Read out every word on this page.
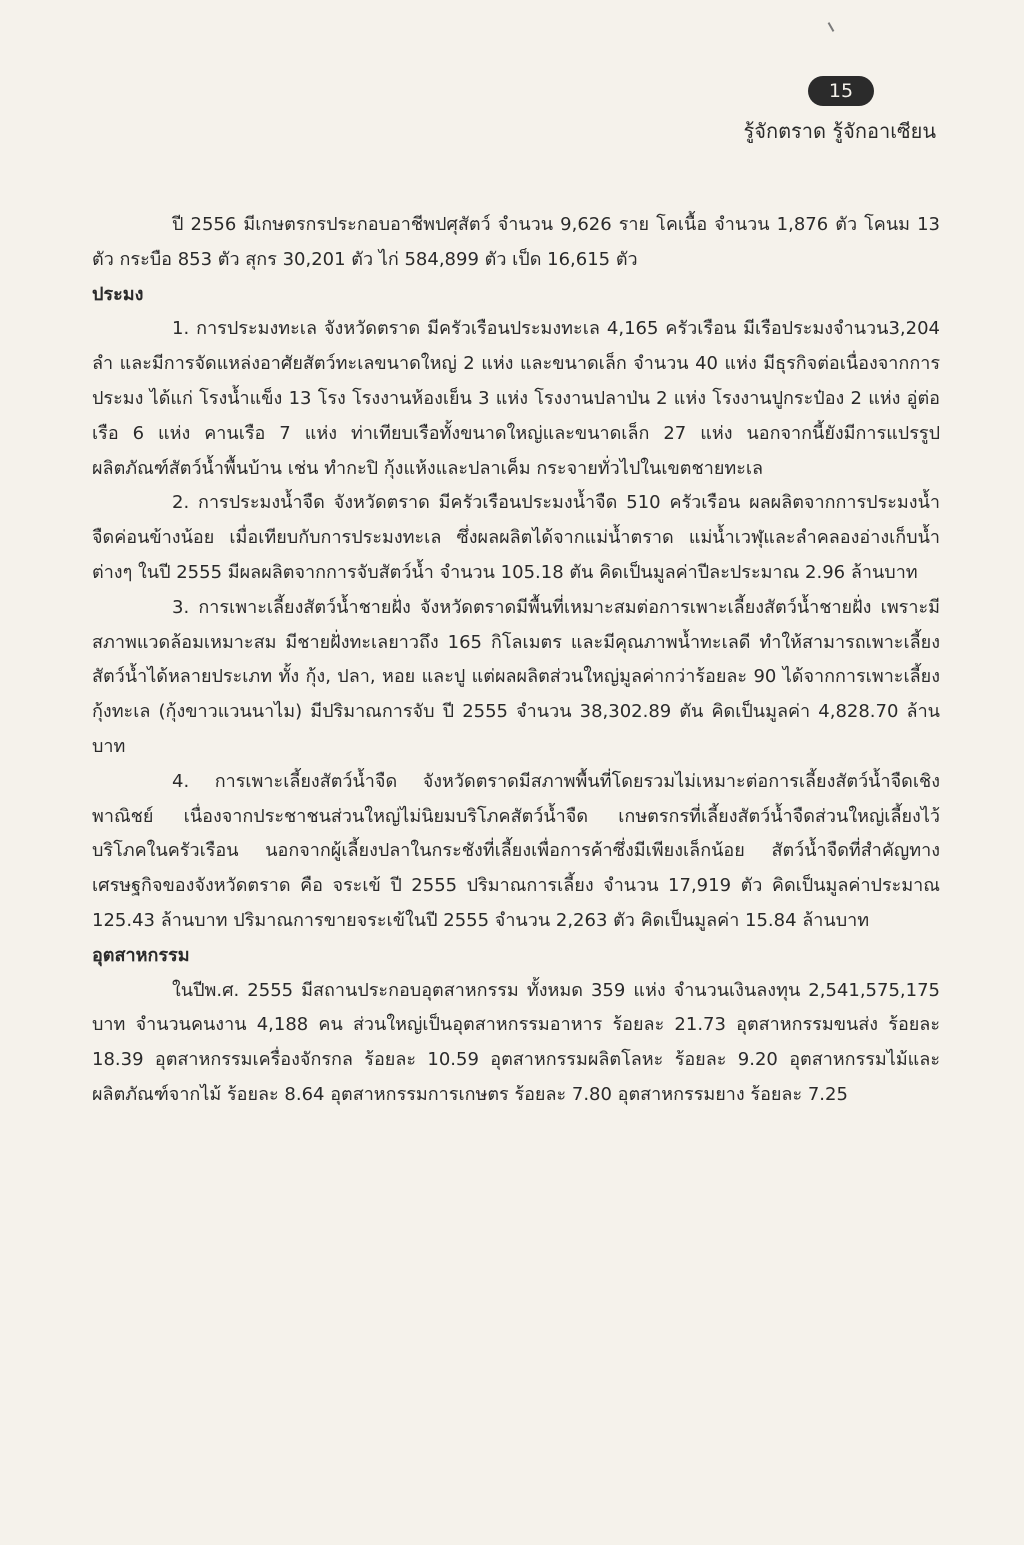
15
รู้จักตราด รู้จักอาเซียน

ปี 2556 มีเกษตรกรประกอบอาชีพปศุสัตว์ จำนวน 9,626 ราย โคเนื้อ จำนวน 1,876 ตัว โคนม 13 ตัว กระบือ 853 ตัว สุกร 30,201 ตัว ไก่ 584,899 ตัว เป็ด 16,615 ตัว

ประมง

1. การประมงทะเล จังหวัดตราด มีครัวเรือนประมงทะเล 4,165 ครัวเรือน มีเรือประมงจำนวน3,204 ลำ และมีการจัดแหล่งอาศัยสัตว์ทะเลขนาดใหญ่ 2 แห่ง และขนาดเล็ก จำนวน 40 แห่ง มีธุรกิจต่อเนื่องจากการประมง ได้แก่ โรงน้ำแข็ง 13 โรง โรงงานห้องเย็น 3 แห่ง โรงงานปลาป่น 2 แห่ง โรงงานปูกระป๋อง 2 แห่ง อู่ต่อเรือ 6 แห่ง คานเรือ 7 แห่ง ท่าเทียบเรือทั้งขนาดใหญ่และขนาดเล็ก 27 แห่ง นอกจากนี้ยังมีการแปรรูปผลิตภัณฑ์สัตว์น้ำพื้นบ้าน เช่น ทำกะปิ กุ้งแห้งและปลาเค็ม กระจายทั่วไปในเขตชายทะเล

2. การประมงน้ำจืด จังหวัดตราด มีครัวเรือนประมงน้ำจืด 510 ครัวเรือน ผลผลิตจากการประมงน้ำจืดค่อนข้างน้อย เมื่อเทียบกับการประมงทะเล ซึ่งผลผลิตได้จากแม่น้ำตราด แม่น้ำเวฬุและลำคลองอ่างเก็บน้ำต่างๆ ในปี 2555 มีผลผลิตจากการจับสัตว์น้ำ จำนวน 105.18 ตัน คิดเป็นมูลค่าปีละประมาณ 2.96 ล้านบาท

3. การเพาะเลี้ยงสัตว์น้ำชายฝั่ง จังหวัดตราดมีพื้นที่เหมาะสมต่อการเพาะเลี้ยงสัตว์น้ำชายฝั่ง เพราะมีสภาพแวดล้อมเหมาะสม มีชายฝั่งทะเลยาวถึง 165 กิโลเมตร และมีคุณภาพน้ำทะเลดี ทำให้สามารถเพาะเลี้ยงสัตว์น้ำได้หลายประเภท ทั้ง กุ้ง, ปลา, หอย และปู แต่ผลผลิตส่วนใหญ่มูลค่ากว่าร้อยละ 90 ได้จากการเพาะเลี้ยงกุ้งทะเล (กุ้งขาวแวนนาไม) มีปริมาณการจับ ปี 2555 จำนวน 38,302.89 ตัน คิดเป็นมูลค่า 4,828.70 ล้านบาท

4. การเพาะเลี้ยงสัตว์น้ำจืด จังหวัดตราดมีสภาพพื้นที่โดยรวมไม่เหมาะต่อการเลี้ยงสัตว์น้ำจืดเชิงพาณิชย์ เนื่องจากประชาชนส่วนใหญ่ไม่นิยมบริโภคสัตว์น้ำจืด เกษตรกรที่เลี้ยงสัตว์น้ำจืดส่วนใหญ่เลี้ยงไว้บริโภคในครัวเรือน นอกจากผู้เลี้ยงปลาในกระชังที่เลี้ยงเพื่อการค้าซึ่งมีเพียงเล็กน้อย สัตว์น้ำจืดที่สำคัญทางเศรษฐกิจของจังหวัดตราด คือ จระเข้ ปี 2555 ปริมาณการเลี้ยง จำนวน 17,919 ตัว คิดเป็นมูลค่าประมาณ 125.43 ล้านบาท ปริมาณการขายจระเข้ในปี 2555 จำนวน 2,263 ตัว คิดเป็นมูลค่า 15.84 ล้านบาท

อุตสาหกรรม

ในปีพ.ศ. 2555 มีสถานประกอบอุตสาหกรรม ทั้งหมด 359 แห่ง จำนวนเงินลงทุน 2,541,575,175 บาท จำนวนคนงาน 4,188 คน ส่วนใหญ่เป็นอุตสาหกรรมอาหาร ร้อยละ 21.73 อุตสาหกรรมขนส่ง ร้อยละ 18.39 อุตสาหกรรมเครื่องจักรกล ร้อยละ 10.59 อุตสาหกรรมผลิตโลหะ ร้อยละ 9.20 อุตสาหกรรมไม้และผลิตภัณฑ์จากไม้ ร้อยละ 8.64 อุตสาหกรรมการเกษตร ร้อยละ 7.80 อุตสาหกรรมยาง ร้อยละ 7.25
